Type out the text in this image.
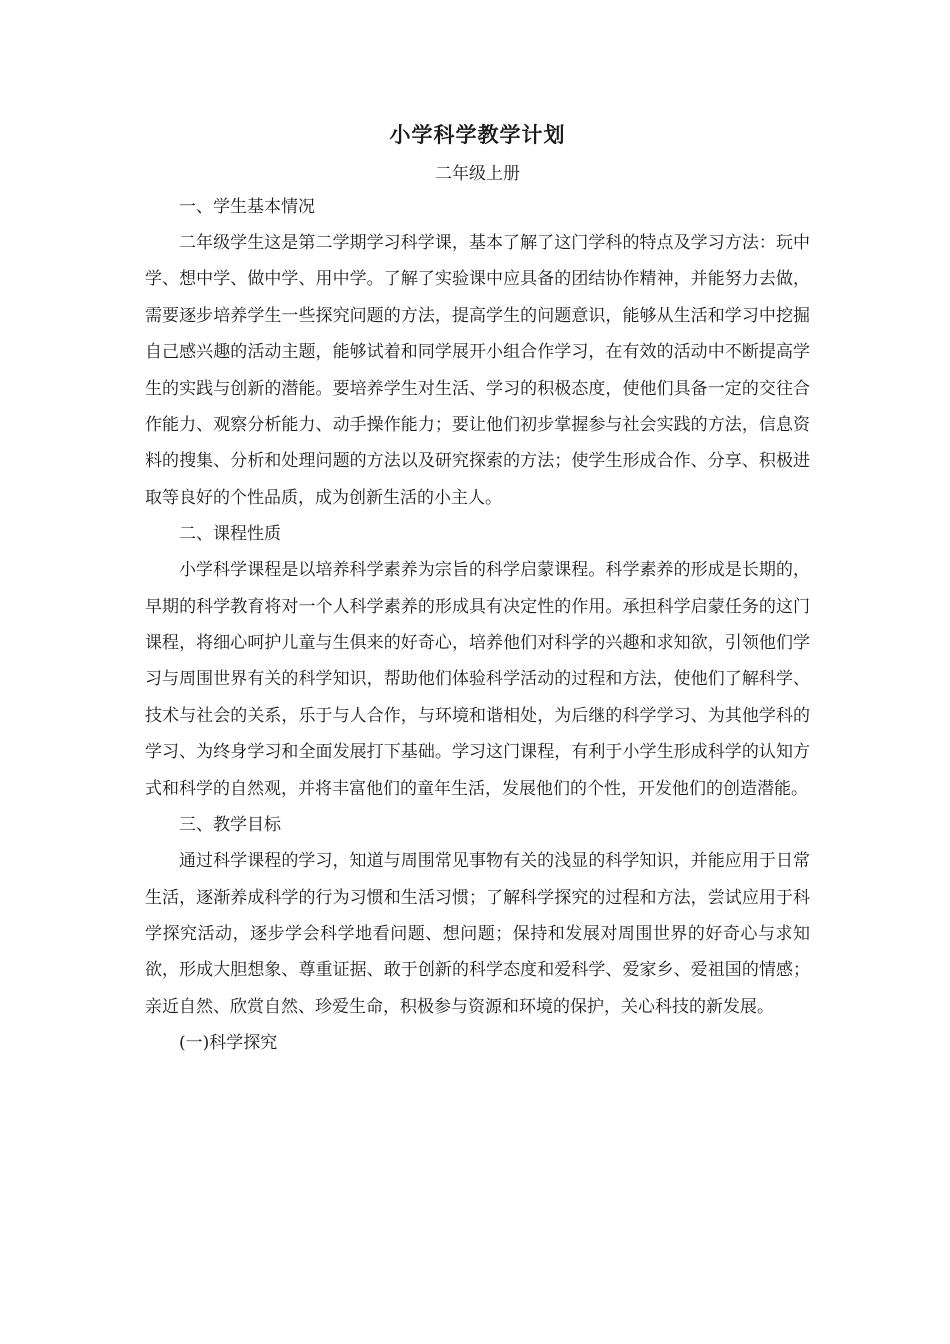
小学科学教学计划
二年级上册

一、学生基本情况

二年级学生这是第二学期学习科学课，基本了解了这门学科的特点及学习方法：玩中学、想中学、做中学、用中学。了解了实验课中应具备的团结协作精神，并能努力去做，需要逐步培养学生一些探究问题的方法，提高学生的问题意识，能够从生活和学习中挖掘自己感兴趣的活动主题，能够试着和同学展开小组合作学习，在有效的活动中不断提高学生的实践与创新的潜能。要培养学生对生活、学习的积极态度，使他们具备一定的交往合作能力、观察分析能力、动手操作能力；要让他们初步掌握参与社会实践的方法，信息资料的搜集、分析和处理问题的方法以及研究探索的方法；使学生形成合作、分享、积极进取等良好的个性品质，成为创新生活的小主人。

二、课程性质

小学科学课程是以培养科学素养为宗旨的科学启蒙课程。科学素养的形成是长期的，早期的科学教育将对一个人科学素养的形成具有决定性的作用。承担科学启蒙任务的这门课程，将细心呵护儿童与生俱来的好奇心，培养他们对科学的兴趣和求知欲，引领他们学习与周围世界有关的科学知识，帮助他们体验科学活动的过程和方法，使他们了解科学、技术与社会的关系，乐于与人合作，与环境和谐相处，为后继的科学学习、为其他学科的学习、为终身学习和全面发展打下基础。学习这门课程，有利于小学生形成科学的认知方式和科学的自然观，并将丰富他们的童年生活，发展他们的个性，开发他们的创造潜能。

三、教学目标

通过科学课程的学习，知道与周围常见事物有关的浅显的科学知识，并能应用于日常生活，逐渐养成科学的行为习惯和生活习惯；了解科学探究的过程和方法，尝试应用于科学探究活动，逐步学会科学地看问题、想问题；保持和发展对周围世界的好奇心与求知欲，形成大胆想象、尊重证据、敢于创新的科学态度和爱科学、爱家乡、爱祖国的情感；亲近自然、欣赏自然、珍爱生命，积极参与资源和环境的保护，关心科技的新发展。

(一)科学探究
